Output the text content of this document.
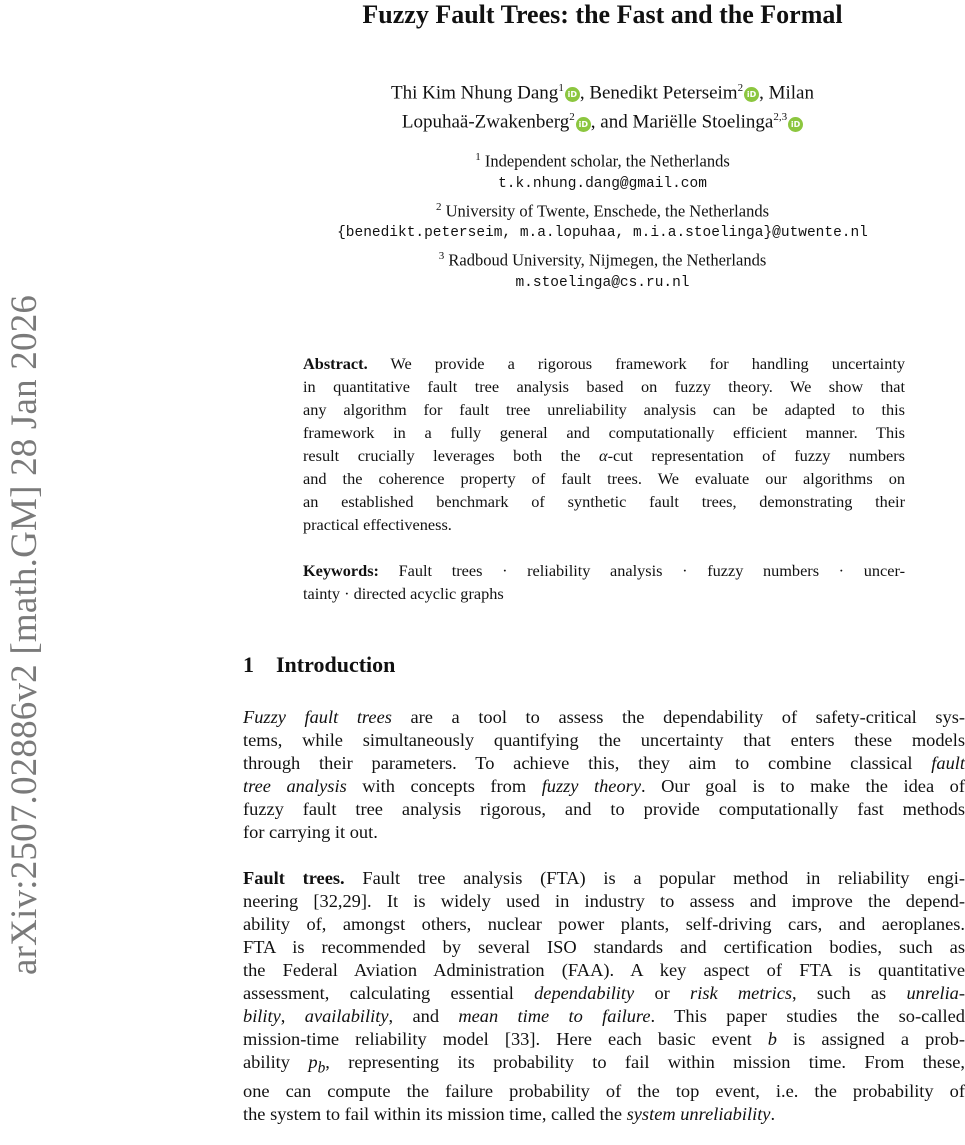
arXiv:2507.02886v2 [math.GM] 28 Jan 2026
Fuzzy Fault Trees: the Fast and the Formal
Thi Kim Nhung Dang$^1$iD , Benedikt Peterseim$^2$iD , Milan
Lopuhaä-Zwakenberg$^2$iD , and Mariëlle Stoelinga$^{2,3}$iD
$^1$ Independent scholar, the Netherlands
t.k.nhung.dang@gmail.com
$^2$ University of Twente, Enschede, the Netherlands
{benedikt.peterseim, m.a.lopuhaa, m.i.a.stoelinga}@utwente.nl
$^3$ Radboud University, Nijmegen, the Netherlands
m.stoelinga@cs.ru.nl
Abstract. We provide a rigorous framework for handling uncertainty
in quantitative fault tree analysis based on fuzzy theory. We show that
any algorithm for fault tree unreliability analysis can be adapted to this
framework in a fully general and computationally efficient manner. This
result crucially leverages both the α-cut representation of fuzzy numbers
and the coherence property of fault trees. We evaluate our algorithms on
an established benchmark of synthetic fault trees, demonstrating their
practical effectiveness.
Keywords: Fault trees · reliability analysis · fuzzy numbers · uncer-
tainty · directed acyclic graphs
1 Introduction
Fuzzy fault trees are a tool to assess the dependability of safety-critical sys-
tems, while simultaneously quantifying the uncertainty that enters these models
through their parameters. To achieve this, they aim to combine classical fault
tree analysis with concepts from fuzzy theory. Our goal is to make the idea of
fuzzy fault tree analysis rigorous, and to provide computationally fast methods
for carrying it out.
Fault trees. Fault tree analysis (FTA) is a popular method in reliability engi-
neering [32,29]. It is widely used in industry to assess and improve the depend-
ability of, amongst others, nuclear power plants, self-driving cars, and aeroplanes.
FTA is recommended by several ISO standards and certification bodies, such as
the Federal Aviation Administration (FAA). A key aspect of FTA is quantitative
assessment, calculating essential dependability or risk metrics, such as unrelia-
bility, availability, and mean time to failure. This paper studies the so-called
mission-time reliability model [33]. Here each basic event b is assigned a prob-
ability $p_b$, representing its probability to fail within mission time. From these,
one can compute the failure probability of the top event, i.e. the probability of
the system to fail within its mission time, called the system unreliability.
